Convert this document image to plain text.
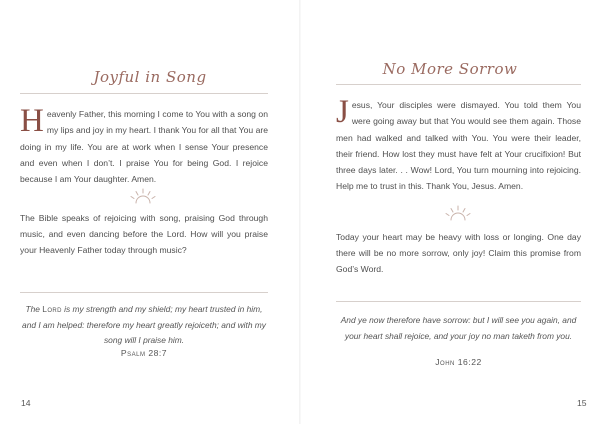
Joyful in Song
H eavenly Father, this morning I come to You with a song on my lips and joy in my heart. I thank You for all that You are doing in my life. You are at work when I sense Your presence and even when I don’t. I praise You for being God. I rejoice because I am Your daughter. Amen.
The Bible speaks of rejoicing with song, praising God through music, and even dancing before the Lord. How will you praise your Heavenly Father today through music?
The Lord is my strength and my shield; my heart trusted in him, and I am helped: therefore my heart greatly rejoiceth; and with my song will I praise him.
Psalm 28:7
14
No More Sorrow
J esus, Your disciples were dismayed. You told them You were going away but that You would see them again. Those men had walked and talked with You. You were their leader, their friend. How lost they must have felt at Your crucifixion! But three days later. . . Wow! Lord, You turn mourning into rejoicing. Help me to trust in this. Thank You, Jesus. Amen.
Today your heart may be heavy with loss or longing. One day there will be no more sorrow, only joy! Claim this promise from God’s Word.
And ye now therefore have sorrow: but I will see you again, and your heart shall rejoice, and your joy no man taketh from you.
John 16:22
15
